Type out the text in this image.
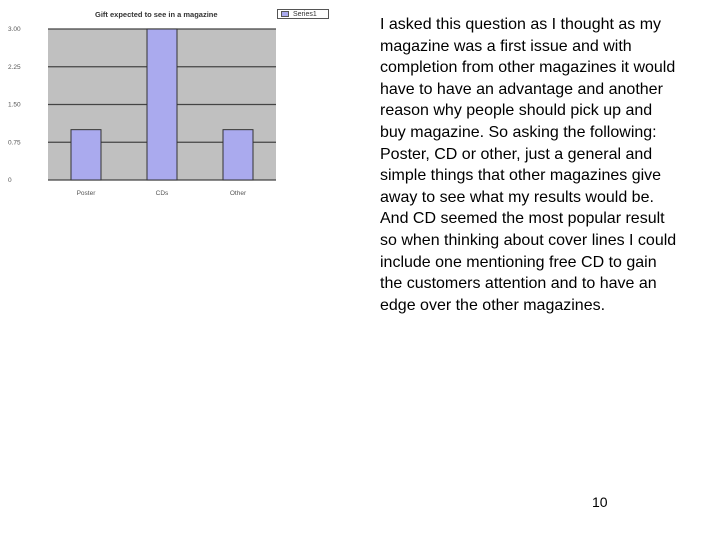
Gift expected to see in a magazine
0
0.75
1.50
2.25
3.00
Poster	CDs	Other
Series1
I asked this question as I thought as my magazine was a first issue and with completion from other magazines it would have to have an advantage and another reason why people should pick up and buy magazine. So asking the following: Poster, CD or other, just a general and simple things that other magazines give away to see what my results would be. And CD seemed the most popular result so when thinking about cover lines I could include one mentioning free CD to gain the customers attention and to have an edge over the other magazines.
10
